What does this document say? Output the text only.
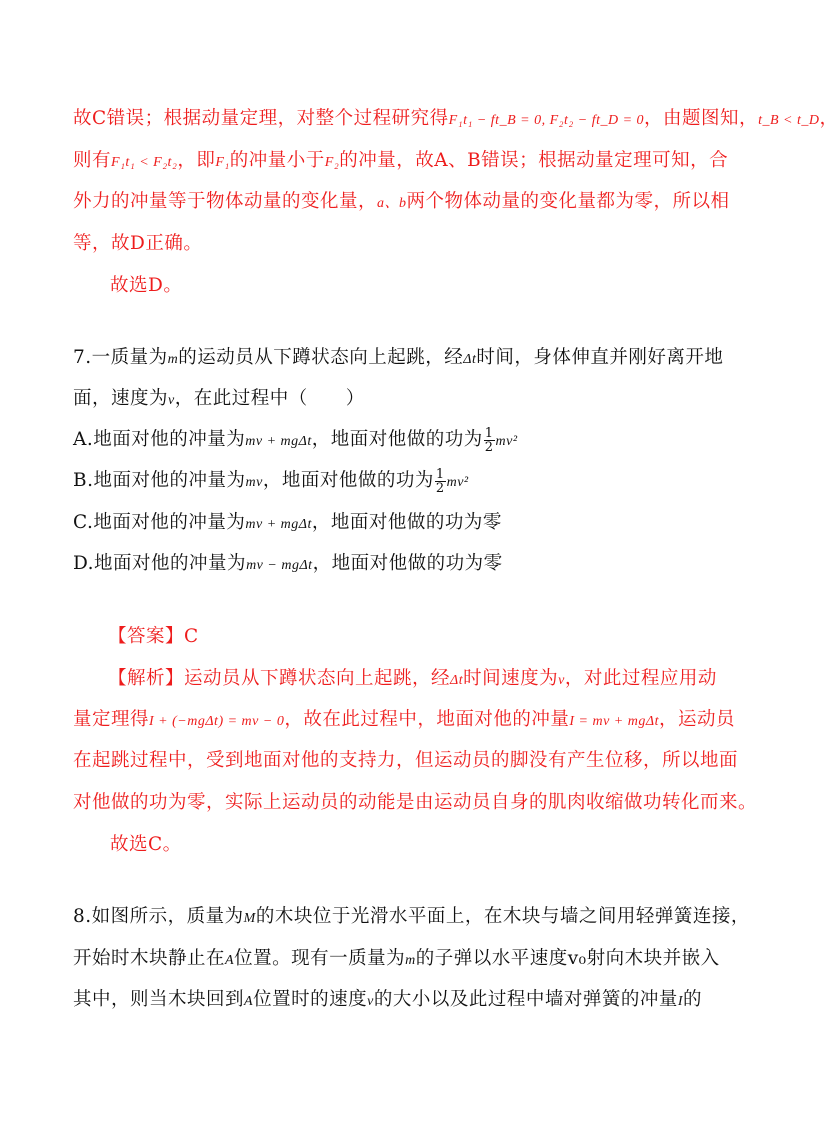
故C错误；根据动量定理，对整个过程研究得F₁t₁ − ft_B = 0, F₂t₂ − ft_D = 0，由题图知，t_B < t_D，
则有F₁t₁ < F₂t₂，即F₁的冲量小于F₂的冲量，故A、B错误；根据动量定理可知，合
外力的冲量等于物体动量的变化量，a、b两个物体动量的变化量都为零，所以相
等，故D正确。
故选D。
7.一质量为m的运动员从下蹲状态向上起跳，经Δt时间，身体伸直并刚好离开地
面，速度为v，在此过程中（　　）
A.地面对他的冲量为mv + mgΔt，地面对他做的功为 $\frac{1}{2} mv^2$
B.地面对他的冲量为mv，地面对他做的功为 $\frac{1}{2} mv^2$
C.地面对他的冲量为mv + mgΔt，地面对他做的功为零
D.地面对他的冲量为mv − mgΔt，地面对他做的功为零
【答案】C
【解析】运动员从下蹲状态向上起跳，经Δt时间速度为v，对此过程应用动
量定理得I + (−mgΔt) = mv − 0，故在此过程中，地面对他的冲量I = mv + mgΔt，运动员
在起跳过程中，受到地面对他的支持力，但运动员的脚没有产生位移，所以地面
对他做的功为零，实际上运动员的动能是由运动员自身的肌肉收缩做功转化而来。
故选C。
8.如图所示，质量为M的木块位于光滑水平面上，在木块与墙之间用轻弹簧连接，
开始时木块静止在A位置。现有一质量为m的子弹以水平速度v₀射向木块并嵌入
其中，则当木块回到A位置时的速度v的大小以及此过程中墙对弹簧的冲量I的
